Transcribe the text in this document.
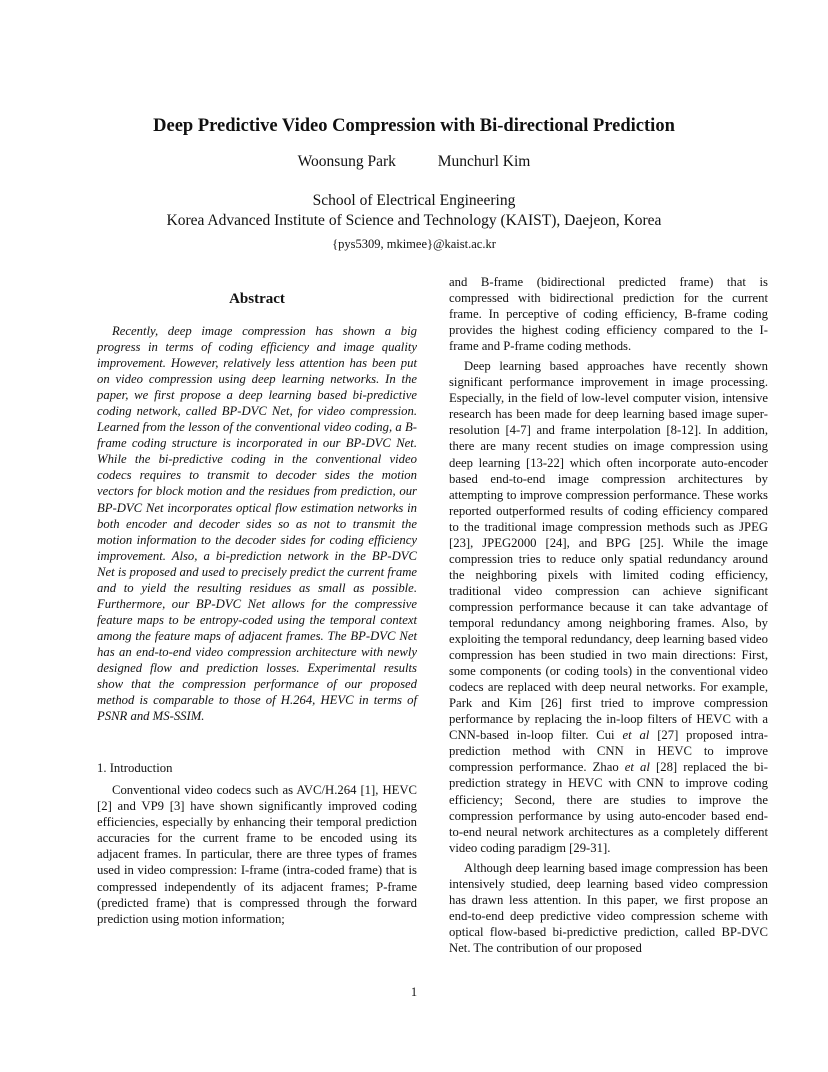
Deep Predictive Video Compression with Bi-directional Prediction
Woonsung Park	Munchurl Kim
School of Electrical Engineering
Korea Advanced Institute of Science and Technology (KAIST), Daejeon, Korea
{pys5309, mkimee}@kaist.ac.kr
Abstract

Recently, deep image compression has shown a big progress in terms of coding efficiency and image quality improvement. However, relatively less attention has been put on video compression using deep learning networks. In the paper, we first propose a deep learning based bi-predictive coding network, called BP-DVC Net, for video compression. Learned from the lesson of the conventional video coding, a B-frame coding structure is incorporated in our BP-DVC Net. While the bi-predictive coding in the conventional video codecs requires to transmit to decoder sides the motion vectors for block motion and the residues from prediction, our BP-DVC Net incorporates optical flow estimation networks in both encoder and decoder sides so as not to transmit the motion information to the decoder sides for coding efficiency improvement. Also, a bi-prediction network in the BP-DVC Net is proposed and used to precisely predict the current frame and to yield the resulting residues as small as possible. Furthermore, our BP-DVC Net allows for the compressive feature maps to be entropy-coded using the temporal context among the feature maps of adjacent frames. The BP-DVC Net has an end-to-end video compression architecture with newly designed flow and prediction losses. Experimental results show that the compression performance of our proposed method is comparable to those of H.264, HEVC in terms of PSNR and MS-SSIM.

1. Introduction

Conventional video codecs such as AVC/H.264 [1], HEVC [2] and VP9 [3] have shown significantly improved coding efficiencies, especially by enhancing their temporal prediction accuracies for the current frame to be encoded using its adjacent frames. In particular, there are three types of frames used in video compression: I-frame (intra-coded frame) that is compressed independently of its adjacent frames; P-frame (predicted frame) that is compressed through the forward prediction using motion information;

and B-frame (bidirectional predicted frame) that is compressed with bidirectional prediction for the current frame. In perceptive of coding efficiency, B-frame coding provides the highest coding efficiency compared to the I-frame and P-frame coding methods.

Deep learning based approaches have recently shown significant performance improvement in image processing. Especially, in the field of low-level computer vision, intensive research has been made for deep learning based image super-resolution [4-7] and frame interpolation [8-12]. In addition, there are many recent studies on image compression using deep learning [13-22] which often incorporate auto-encoder based end-to-end image compression architectures by attempting to improve compression performance. These works reported outperformed results of coding efficiency compared to the traditional image compression methods such as JPEG [23], JPEG2000 [24], and BPG [25]. While the image compression tries to reduce only spatial redundancy around the neighboring pixels with limited coding efficiency, traditional video compression can achieve significant compression performance because it can take advantage of temporal redundancy among neighboring frames. Also, by exploiting the temporal redundancy, deep learning based video compression has been studied in two main directions: First, some components (or coding tools) in the conventional video codecs are replaced with deep neural networks. For example, Park and Kim [26] first tried to improve compression performance by replacing the in-loop filters of HEVC with a CNN-based in-loop filter. Cui et al [27] proposed intra-prediction method with CNN in HEVC to improve compression performance. Zhao et al [28] replaced the bi-prediction strategy in HEVC with CNN to improve coding efficiency; Second, there are studies to improve the compression performance by using auto-encoder based end-to-end neural network architectures as a completely different video coding paradigm [29-31].

Although deep learning based image compression has been intensively studied, deep learning based video compression has drawn less attention. In this paper, we first propose an end-to-end deep predictive video compression scheme with optical flow-based bi-predictive prediction, called BP-DVC Net. The contribution of our proposed

1
